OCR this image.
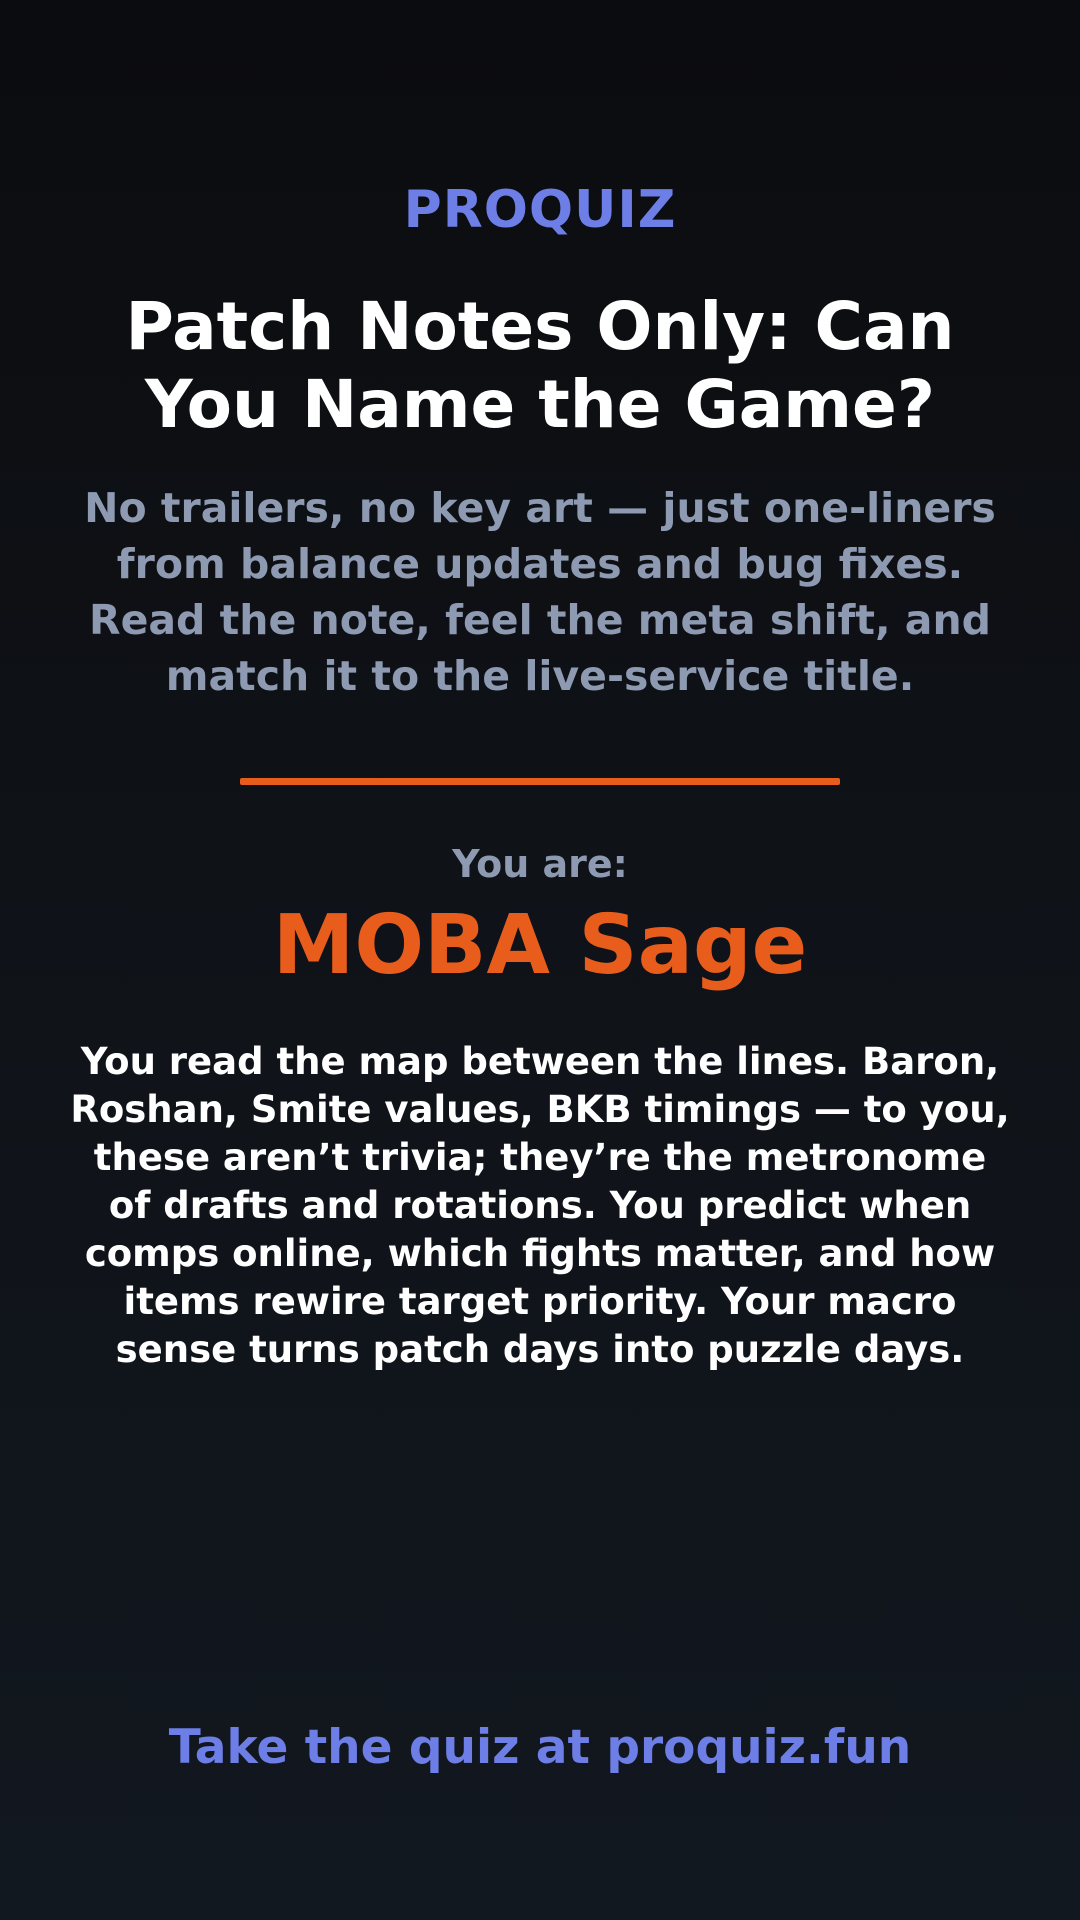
PROQUIZ
Patch Notes Only: Can You Name the Game?
No trailers, no key art — just one-liners from balance updates and bug fixes. Read the note, feel the meta shift, and match it to the live-service title.
You are:
MOBA Sage
You read the map between the lines. Baron, Roshan, Smite values, BKB timings — to you, these aren’t trivia; they’re the metronome of drafts and rotations. You predict when comps online, which fights matter, and how items rewire target priority. Your macro sense turns patch days into puzzle days.
Take the quiz at proquiz.fun
